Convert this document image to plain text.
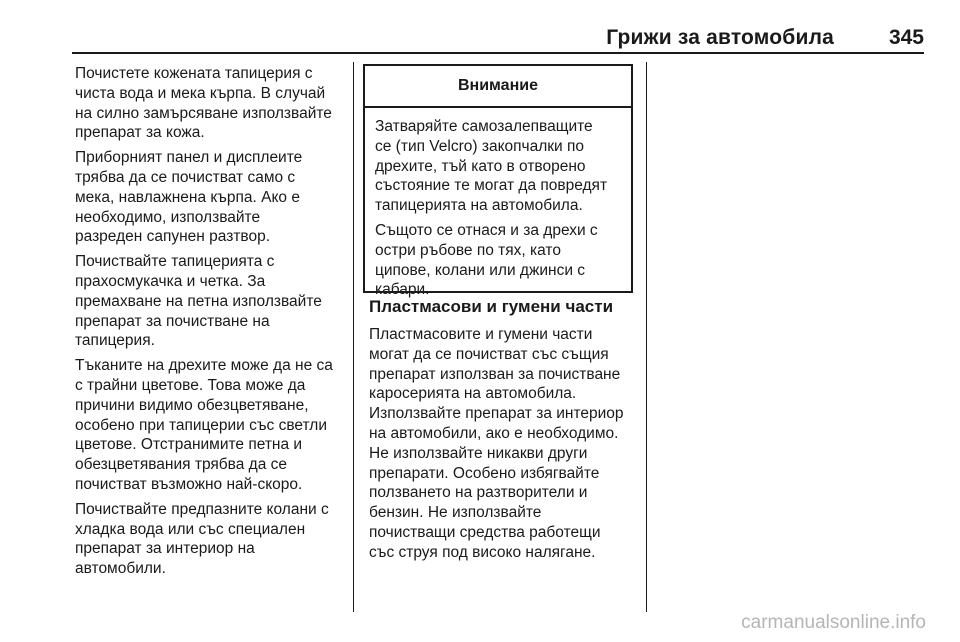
Грижи за автомобила	345

Почистете кожената тапицерия с
чиста вода и мека кърпа. В случай
на силно замърсяване използвайте
препарат за кожа.

Приборният панел и дисплеите
трябва да се почистват само с
мека, навлажнена кърпа. Ако е
необходимо, използвайте
разреден сапунен разтвор.

Почиствайте тапицерията с
прахосмукачка и четка. За
премахване на петна използвайте
препарат за почистване на
тапицерия.

Тъканите на дрехите може да не са
с трайни цветове. Това може да
причини видимо обезцветяване,
особено при тапицерии със светли
цветове. Отстранимите петна и
обезцветявания трябва да се
почистват възможно най-скоро.

Почиствайте предпазните колани с
хладка вода или със специален
препарат за интериор на
автомобили.

Внимание

Затваряйте самозалепващите
се (тип Velcro) закопчалки по
дрехите, тъй като в отворено
състояние те могат да повредят
тапицерията на автомобила.

Същото се отнася и за дрехи с
остри ръбове по тях, като
ципове, колани или джинси с
кабари.

Пластмасови и гумени части

Пластмасовите и гумени части
могат да се почистват със същия
препарат използван за почистване
каросерията на автомобила.
Използвайте препарат за интериор
на автомобили, ако е необходимо.
Не използвайте никакви други
препарати. Особено избягвайте
ползването на разтворители и
бензин. Не използвайте
почистващи средства работещи
със струя под високо налягане.

carmanualsonline.info
